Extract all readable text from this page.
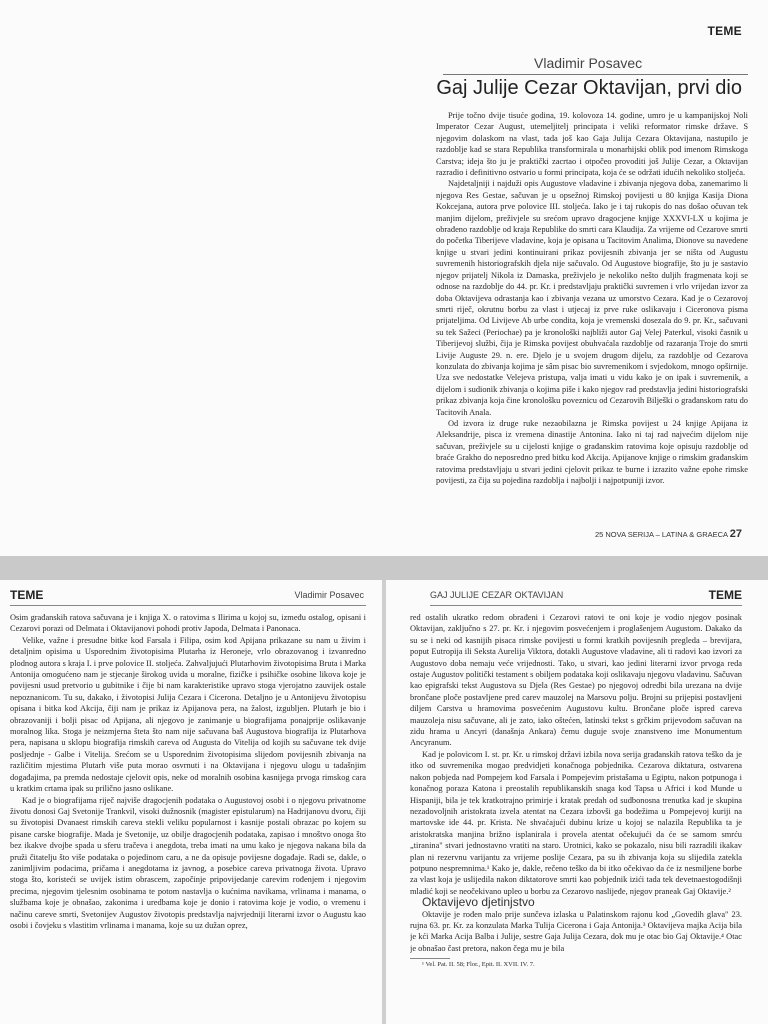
TEME
Vladimir Posavec
Gaj Julije Cezar Oktavijan, prvi dio

Prije točno dvije tisuće godina, 19. kolovoza 14. godine, umro je u kampanijskoj Noli Imperator Cezar August, utemeljitelj principata i veliki reformator rimske države. S njegovim dolaskom na vlast, tada još kao Gaja Julija Cezara Oktavijana, nastupilo je razdoblje kad se stara Republika transformirala u monarhijski oblik pod imenom Rimskoga Carstva; ideja što ju je praktički zacrtao i otpočeo provoditi još Julije Cezar, a Oktavijan razradio i definitivno ostvario u formi principata, koja će se održati idućih nekoliko stoljeća.

Najdetaljniji i najduži opis Augustove vladavine i zbivanja njegova doba, zanemarimo li njegova Res Gestae, sačuvan je u opsežnoj Rimskoj povijesti u 80 knjiga Kasija Diona Kokcejana, autora prve polovice III. stoljeća. Iako je i taj rukopis do nas došao očuvan tek manjim dijelom, preživjele su srećom upravo dragocjene knjige XXXVI-LX u kojima je obrađeno razdoblje od kraja Republike do smrti cara Klaudija. Za vrijeme od Cezarove smrti do početka Tiberijeve vladavine, koja je opisana u Tacitovim Analima, Dionove su navedene knjige u stvari jedini kontinuirani prikaz povijesnih zbivanja jer se ništa od Augustu suvremenih historiografskih djela nije sačuvalo. Od Augustove biografije, što ju je sastavio njegov prijatelj Nikola iz Damaska, preživjelo je nekoliko nešto duljih fragmenata koji se odnose na razdoblje do 44. pr. Kr. i predstavljaju praktički suvremen i vrlo vrijedan izvor za doba Oktavijeva odrastanja kao i zbivanja vezana uz umorstvo Cezara. Kad je o Cezarovoj smrti riječ, okrutnu borbu za vlast i utjecaj iz prve ruke oslikavaju i Ciceronova pisma prijateljima. Od Livijeve Ab urbe condita, koja je vremenski dosezala do 9. pr. Kr., sačuvani su tek Sažeci (Periochae) pa je kronološki najbliži autor Gaj Velej Paterkul, visoki časnik u Tiberijevoj službi, čija je Rimska povijest obuhvaćala razdoblje od razaranja Troje do smrti Livije Auguste 29. n. ere. Djelo je u svojem drugom dijelu, za razdoblje od Cezarova konzulata do zbivanja kojima je sâm pisac bio suvremenikom i svjedokom, mnogo opširnije. Uza sve nedostatke Velejeva pristupa, valja imati u vidu kako je on ipak i suvremenik, a dijelom i sudionik zbivanja o kojima piše i kako njegov rad predstavlja jedini historiografski prikaz zbivanja koja čine kronološku poveznicu od Cezarovih Bilješki o građanskom ratu do Tacitovih Anala.

Od izvora iz druge ruke nezaobilazna je Rimska povijest u 24 knjige Apijana iz Aleksandrije, pisca iz vremena dinastije Antonina. Iako ni taj rad najvećim dijelom nije sačuvan, preživjele su u cijelosti knjige o građanskim ratovima koje opisuju razdoblje od braće Grakho do neposredno pred bitku kod Akcija. Apijanove knjige o rimskim građanskim ratovima predstavljaju u stvari jedini cjelovit prikaz te burne i izrazito važne epohe rimske povijesti, za čija su pojedina razdoblja i najbolji i najpotpuniji izvor.

25 NOVA SERIJA – LATINA & GRAECA 27
TEME	Vladimir Posavec

Osim građanskih ratova sačuvana je i knjiga X. o ratovima s Ilirima u kojoj su, između ostalog, opisani i Cezarovi porazi od Delmata i Oktavijanovi pohodi protiv Japoda, Delmata i Panonaca.

Velike, važne i presudne bitke kod Farsala i Filipa, osim kod Apijana prikazane su nam u živim i detaljnim opisima u Usporednim životopisima Plutarha iz Heroneje, vrlo obrazovanog i izvanredno plodnog autora s kraja I. i prve polovice II. stoljeća. Zahvaljujući Plutarhovim životopisima Bruta i Marka Antonija omogućeno nam je stjecanje širokog uvida u moralne, fizičke i psihičke osobine likova koje je povijesni usud pretvorio u gubitnike i čije bi nam karakteristike upravo stoga vjerojatno zauvijek ostale nepoznanicom. Tu su, dakako, i životopisi Julija Cezara i Cicerona. Detaljno je u Antonijevu životopisu opisana i bitka kod Akcija, čiji nam je prikaz iz Apijanova pera, na žalost, izgubljen. Plutarh je bio i obrazovaniji i bolji pisac od Apijana, ali njegovo je zanimanje u biografijama ponajprije oslikavanje moralnog lika. Stoga je neizmjerna šteta što nam nije sačuvana baš Augustova biografija iz Plutarhova pera, napisana u sklopu biografija rimskih careva od Augusta do Vitelija od kojih su sačuvane tek dvije posljednje - Galbe i Vitelija. Srećom se u Usporednim životopisima slijedom povijesnih zbivanja na različitim mjestima Plutarh više puta morao osvrnuti i na Oktavijana i njegovu ulogu u tadašnjim događajima, pa premda nedostaje cjelovit opis, neke od moralnih osobina kasnijega prvoga rimskog cara u kratkim crtama ipak su prilično jasno oslikane.

Kad je o biografijama riječ najviše dragocjenih podataka o Augustovoj osobi i o njegovu privatnome životu donosi Gaj Svetonije Trankvil, visoki dužnosnik (magister epistularum) na Hadrijanovu dvoru, čiji su životopisi Dvanaest rimskih careva stekli veliku popularnost i kasnije postali obrazac po kojem su pisane carske biografije. Mada je Svetonije, uz obilje dragocjenih podataka, zapisao i mnoštvo onoga što bez ikakve dvojbe spada u sferu tračeva i anegdota, treba imati na umu kako je njegova nakana bila da pruži čitatelju što više podataka o pojedinom caru, a ne da opisuje povijesne događaje. Radi se, dakle, o zanimljivim podacima, pričama i anegdotama iz javnog, a posebice careva privatnoga života. Upravo stoga što, koristeći se uvijek istim obrascem, započinje pripovijedanje carevim rođenjem i njegovim precima, njegovim tjelesnim osobinama te potom nastavlja o kućnima navikama, vrlinama i manama, o službama koje je obnašao, zakonima i uredbama koje je donio i ratovima koje je vodio, o vremenu i načinu careve smrti, Svetonijev Augustov životopis predstavlja najvrjedniji literarni izvor o Augustu kao osobi i čovjeku s vlastitim vrlinama i manama, koje su uz dužan oprez,

GAJ JULIJE CEZAR OKTAVIJAN	TEME

red ostalih ukratko redom obrađeni i Cezarovi ratovi te oni koje je vodio njegov posinak Oktavijan, zaključno s 27. pr. Kr. i njegovim posvećenjem i proglašenjem Augustom. Dakako da su se i neki od kasnijih pisaca rimske povijesti u formi kratkih povijesnih pregleda – brevijara, poput Eutropija ili Seksta Aurelija Viktora, dotakli Augustove vladavine, ali ti radovi kao izvori za Augustovo doba nemaju veće vrijednosti. Tako, u stvari, kao jedini literarni izvor prvoga reda ostaje Augustov politički testament s obiljem podataka koji oslikavaju njegovu vladavinu. Sačuvan kao epigrafski tekst Augustova su Djela (Res Gestae) po njegovoj odredbi bila urezana na dvije brončane ploče postavljene pred carev mauzolej na Marsovu polju. Brojni su prijepisi postavljeni diljem Carstva u hramovima posvećenim Augustovu kultu. Brončane ploče ispred careva mauzoleja nisu sačuvane, ali je zato, iako oštećen, latinski tekst s grčkim prijevodom sačuvan na zidu hrama u Ancyri (današnja Ankara) čemu duguje svoje znanstveno ime Monumentum Ancyranum.

Kad je polovicom I. st. pr. Kr. u rimskoj državi izbila nova serija građanskih ratova teško da je itko od suvremenika mogao predvidjeti konačnoga pobjednika. Cezarova diktatura, ostvarena nakon pobjeda nad Pompejem kod Farsala i Pompejevim pristašama u Egiptu, nakon potpunoga i konačnog poraza Katona i preostalih republikanskih snaga kod Tapsa u Africi i kod Munde u Hispaniji, bila je tek kratkotrajno primirje i kratak predah od sudbonosna trenutka kad je skupina nezadovoljnih aristokrata izvela atentat na Cezara izbovši ga bodežima u Pompejevoj kuriji na martovske ide 44. pr. Krista. Ne shvaćajući dubinu krize u kojoj se nalazila Republika ta je aristokratska manjina brižno isplanirala i provela atentat očekujući da će se samom smrću „tiranina" stvari jednostavno vratiti na staro. Urotnici, kako se pokazalo, nisu bili razradili ikakav plan ni rezervnu varijantu za vrijeme poslije Cezara, pa su ih zbivanja koja su slijedila zatekla potpuno nespremnima.¹ Kako je, dakle, rečeno teško da bi itko očekivao da će iz nesmiljene borbe za vlast koja je uslijedila nakon diktatorove smrti kao pobjednik izići tada tek devetnaestogodišnji mladić koji se neočekivano upleo u borbu za Cezarovo naslijeđe, njegov praneak Gaj Oktavije.²

Oktavijevo djetinjstvo

Oktavije je rođen malo prije sunčeva izlaska u Palatinskom rajonu kod „Govedih glava" 23. rujna 63. pr. Kr. za konzulata Marka Tulija Cicerona i Gaja Antonija.³ Oktavijeva majka Acija bila je kći Marka Acija Balba i Julije, sestre Gaja Julija Cezara, dok mu je otac bio Gaj Oktavije.⁴ Otac je obnašao čast pretora, nakon čega mu je bila

¹ Vel. Pat. II. 58; Flor., Epit. II. XVII. IV. 7.
